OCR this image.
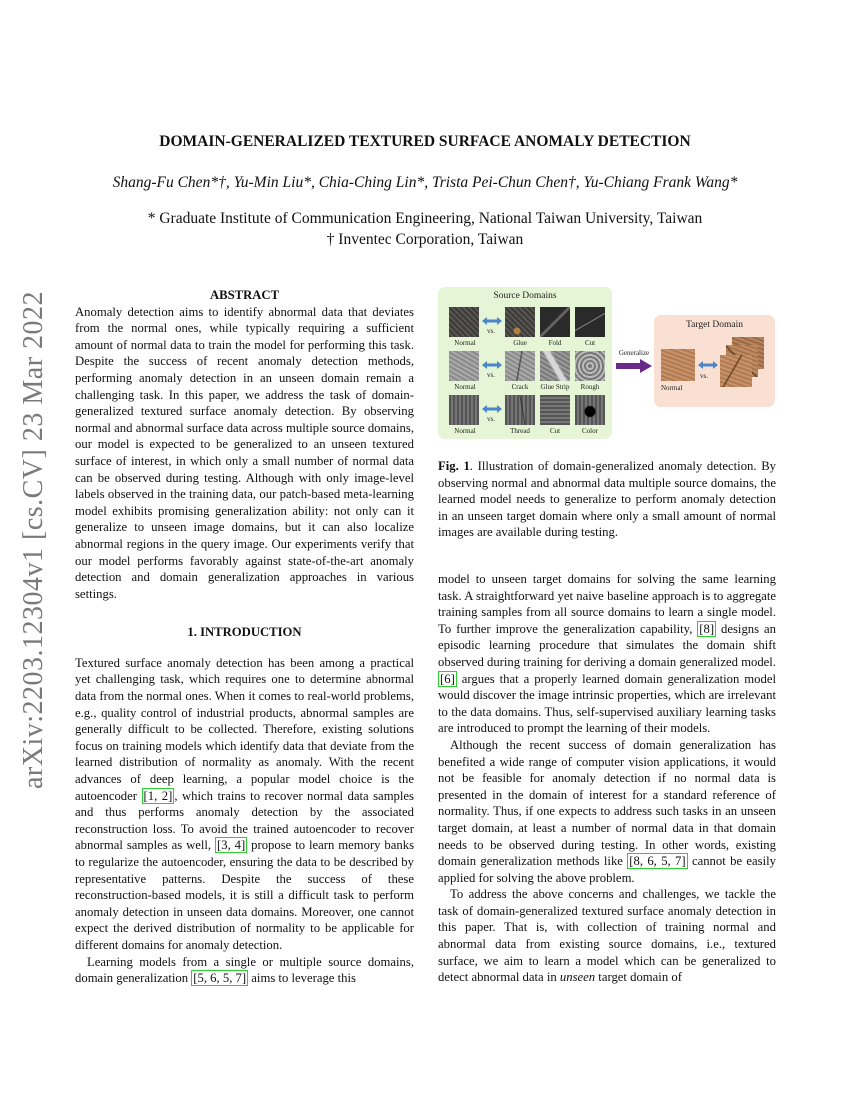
arXiv:2203.12304v1 [cs.CV] 23 Mar 2022
DOMAIN-GENERALIZED TEXTURED SURFACE ANOMALY DETECTION
Shang-Fu Chen*†, Yu-Min Liu*, Chia-Ching Lin*, Trista Pei-Chun Chen†, Yu-Chiang Frank Wang*
* Graduate Institute of Communication Engineering, National Taiwan University, Taiwan
† Inventec Corporation, Taiwan
ABSTRACT

Anomaly detection aims to identify abnormal data that deviates from the normal ones, while typically requiring a sufficient amount of normal data to train the model for performing this task. Despite the success of recent anomaly detection methods, performing anomaly detection in an unseen domain remain a challenging task. In this paper, we address the task of domain-generalized textured surface anomaly detection. By observing normal and abnormal surface data across multiple source domains, our model is expected to be generalized to an unseen textured surface of interest, in which only a small number of normal data can be observed during testing. Although with only image-level labels observed in the training data, our patch-based meta-learning model exhibits promising generalization ability: not only can it generalize to unseen image domains, but it can also localize abnormal regions in the query image. Our experiments verify that our model performs favorably against state-of-the-art anomaly detection and domain generalization approaches in various settings.

1. INTRODUCTION

Textured surface anomaly detection has been among a practical yet challenging task, which requires one to determine abnormal data from the normal ones. When it comes to real-world problems, e.g., quality control of industrial products, abnormal samples are generally difficult to be collected. Therefore, existing solutions focus on training models which identify data that deviate from the learned distribution of normality as anomaly. With the recent advances of deep learning, a popular model choice is the autoencoder [1, 2] , which trains to recover normal data samples and thus performs anomaly detection by the associated reconstruction loss. To avoid the trained autoencoder to recover abnormal samples as well, [3, 4] propose to learn memory banks to regularize the autoencoder, ensuring the data to be described by representative patterns. Despite the success of these reconstruction-based models, it is still a difficult task to perform anomaly detection in unseen data domains. Moreover, one cannot expect the derived distribution of normality to be applicable for different domains for anomaly detection.

Learning models from a single or multiple source domains, domain generalization [5, 6, 5, 7] aims to leverage this

Source Domains
vs.
Normal	Glue	Fold	Cut
vs.
Normal	Crack	Glue Strip	Rough
vs.
Normal	Thread	Cut	Color
Generalize
Target Domain
Normal
vs.
Fig. 1. Illustration of domain-generalized anomaly detection. By observing normal and abnormal data multiple source domains, the learned model needs to generalize to perform anomaly detection in an unseen target domain where only a small amount of normal images are available during testing.

model to unseen target domains for solving the same learning task. A straightforward yet naive baseline approach is to aggregate training samples from all source domains to learn a single model. To further improve the generalization capability, [8] designs an episodic learning procedure that simulates the domain shift observed during training for deriving a domain generalized model. [6] argues that a properly learned domain generalization model would discover the image intrinsic properties, which are irrelevant to the data domains. Thus, self-supervised auxiliary learning tasks are introduced to prompt the learning of their models.

Although the recent success of domain generalization has benefited a wide range of computer vision applications, it would not be feasible for anomaly detection if no normal data is presented in the domain of interest for a standard reference of normality. Thus, if one expects to address such tasks in an unseen target domain, at least a number of normal data in that domain needs to be observed during testing. In other words, existing domain generalization methods like [8, 6, 5, 7] cannot be easily applied for solving the above problem.

To address the above concerns and challenges, we tackle the task of domain-generalized textured surface anomaly detection in this paper. That is, with collection of training normal and abnormal data from existing source domains, i.e., textured surface, we aim to learn a model which can be generalized to detect abnormal data in unseen target domain of
